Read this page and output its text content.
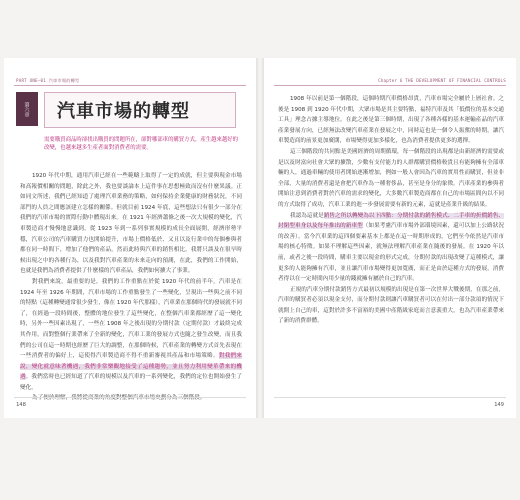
PART ONE—01 汽車市場的轉型
第六章	汽車市場的轉型
需要購買商品時卻找出購買的問題所在，卻對哪部車的購買方式，產生越來越好的改變，也越來越多生產者面對消費者的需要。

1920 年代中期，通用汽車已經在一些範疇上取得了一定的成就，但主要與現金市場和高報價相關的問題，除此之外，我也要談論本上這件事在思想極致而沒有什麼異議。正如同文所述，我們已經知道了處理汽車業務的策略，如何保持企業健康的財務狀況，不同部門的人員之間應該建立怎樣的關係。但就目前 1924 年底，這些想法只有很少一部分在我們的汽車市場的實際行動中體現出來。在 1921 年經濟蕭條之後一次大規模的變化，汽車製造商才慢慢地意識到，從 1923 年到一系列事實規模的成長全面展開，經濟形勢平穩，汽車公司的汽車購買力也開始提升，市場上價格低於、又且以及行業中的每個參與者都在同一時間下，增加了他們的產品，然而此時與汽車的銷售相比，我將只談及在很早時候出現之中的各種行為，以及我對汽車產業的未來走向的預測，在此，我們的工作開始，也就是我們為消費者提供了什麼樣的汽車產品，我們如何擴大了事業。

對我們來說，最重要的是，我們的工作重點在於從 1920 年代的前半年，汽車是在 1924 年至 1926 年期間，汽車市場的工作重點發生了一些變化，呈現出一些與之前不同的特點（這種轉變通常很少發生，像在 1920 年代那樣），汽車業在那個時代的發展就不同了，在經過一段時間後，整體的地位發生了這些變化，在整個汽車業都經歷了這一變化時，另外一些因素出現了，一些在 1908 年之後出現的分期付款（定期付款）才最終完成其作用，而對整個行業帶來了全新的變化，汽車工業的發展方式也隨之發生改變，而且我們的公司在這一時期也經歷了巨大的調整，在那個時候，汽車產業的轉變方式首先表現在一些消費者的偏好上，這使得汽車製造商不得不重新審視其產品和市場策略。對我們來說，變化就意味著機遇，我們非常樂觀地接受了這種趨勢，並且努力利用變革帶來的機遇。我們當時也已經知道了汽車的規模以及汽車的一系列變化，我們的定位也開始發生了變化。

為了便於理解，我將從商業的角度對整個汽車市場史劃分為三個階段。

148
Chapter 6 THE DEVELOPMENT OF FINANCIAL CONTROLS

1908 年以前是第一個階段，這個時期汽車價格昂貴，汽車市場完全屬於上層社會。之後是 1908 到 1920 年代中期，大眾市場是其主要特點，福特汽車及其「低價位的基本交通工具」理念占據主導地位。在此之後是第三個時期，出現了各種各樣的基本運輸產品的汽車產業發展方向，已經無法改變汽車產業在發展之中，同時這也是一個令人振奮的時期，讓汽車製造商的前景更加廣闊，市場變得更加多樣化，也為消費者提供更多的選擇。

這三個階段的共同點是美國經濟的周期循環，每一個階段的出現都是由新經濟的需要或是以及財富向社會大眾的擴散，少數有支付能力的人群都購買價格較貴且有能夠擁有全部車輛的人，通過車輛的使用者開始逐漸增加，例如一般人會因為汽車的實用性而購買，但並非全部，大量的消費者還是會把汽車作為一種奢侈品，甚至是身分的象徵。汽車產業的參與者開始注意到消費者對於汽車的需求的變化，大多數汽車製造商都在自己的市場區間內以不同的方式取得了成功，汽車工業的進一步發展需要有新的元素，這就是產業升級的結果。

我認為這就是銷售之所以轉變為以下四點：分期付款的銷售模式、二手車的折價銷售、封閉型車身以及每年推出的新車型（如果考慮汽車市場外部環境因素，還可以加上公路狀況的改善）。當今汽車業的這四個要素基本上都是在這一時期形成的，它們至今依然是汽車市場的核心特徵。如果不理解這些因素，就無法理解汽車產業在隨後的發展。在 1920 年以前，或者之後一段時間，購車主要以現金的形式完成，分期付款的出現改變了這種模式，讓更多的人能夠擁有汽車，並且讓汽車市場變得更加寬廣，而正是由於這種方式的發展，消費者得以在一定時間內用少量的錢就擁有屬於自己的汽車。

正規的汽車分期付款銷售方式最初以規模的出現是在第一次世界大戰後期，在那之前，汽車的購買者必須以現金支付，而分期付款則讓汽車購買者可以在付出一部分款項的情況下就開上自己的車，這對於許多不富裕的美國中產階級家庭而言意義重大，也為汽車產業帶來了新的消費群體。

149
